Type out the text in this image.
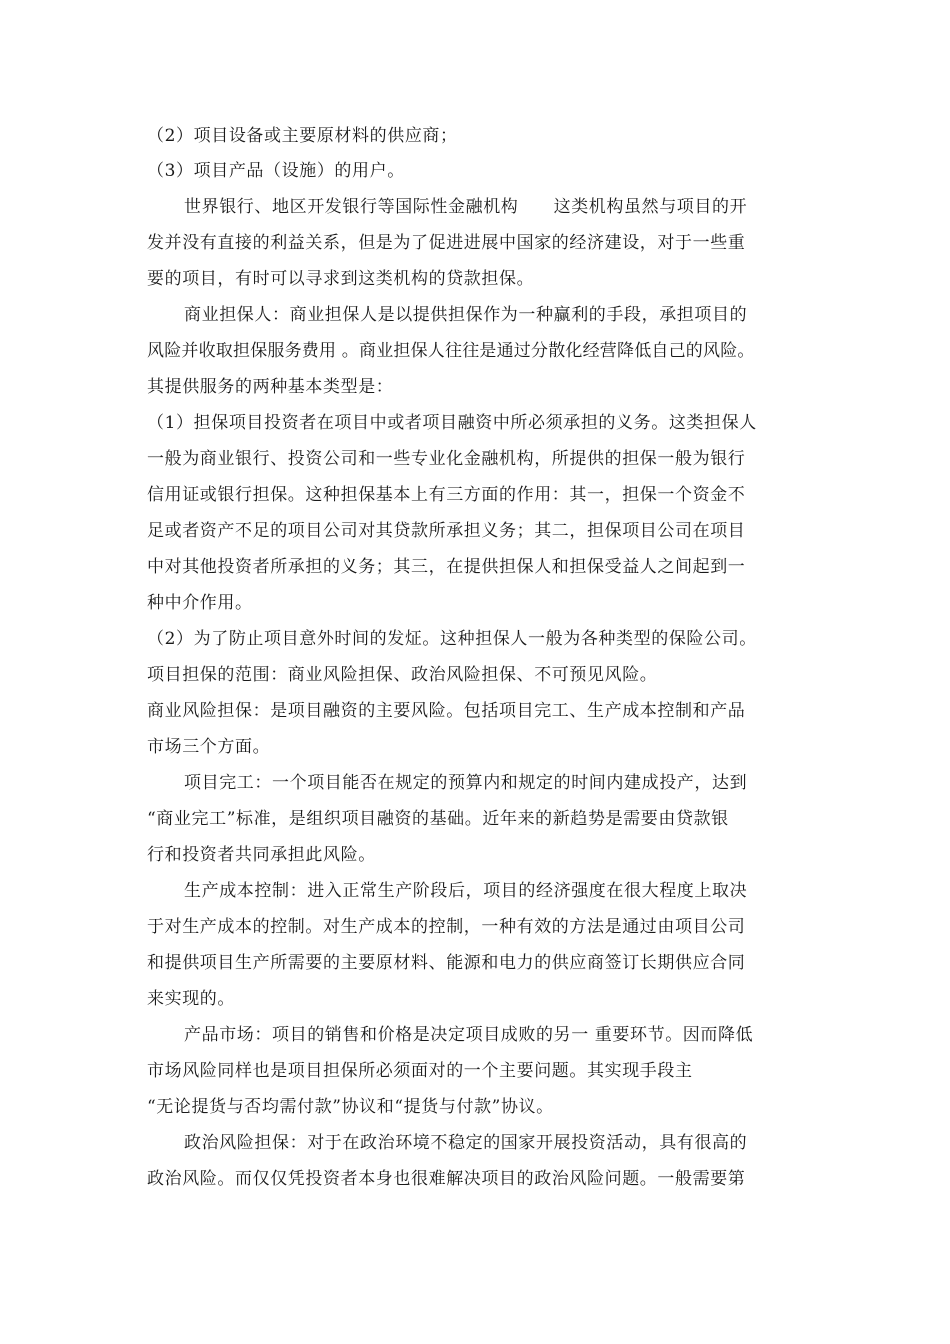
（2）项目设备或主要原材料的供应商；
（3）项目产品（设施）的用户。
世界银行、地区开发银行等国际性金融机构　　这类机构虽然与项目的开
发并没有直接的利益关系，但是为了促进进展中国家的经济建设，对于一些重
要的项目，有时可以寻求到这类机构的贷款担保。
商业担保人：商业担保人是以提供担保作为一种赢利的手段，承担项目的
风险并收取担保服务费用 。商业担保人往往是通过分散化经营降低自己的风险。
其提供服务的两种基本类型是：
（1）担保项目投资者在项目中或者项目融资中所必须承担的义务。这类担保人
一般为商业银行、投资公司和一些专业化金融机构，所提供的担保一般为银行
信用证或银行担保。这种担保基本上有三方面的作用：其一，担保一个资金不
足或者资产不足的项目公司对其贷款所承担义务；其二，担保项目公司在项目
中对其他投资者所承担的义务；其三，在提供担保人和担保受益人之间起到一
种中介作用。
（2）为了防止项目意外时间的发炡。这种担保人一般为各种类型的保险公司。
项目担保的范围：商业风险担保、政治风险担保、不可预见风险。
商业风险担保：是项目融资的主要风险。包括项目完工、生产成本控制和产品
市场三个方面。
项目完工：一个项目能否在规定的预算内和规定的时间内建成投产，达到
“商业完工”标准，是组织项目融资的基础。近年来的新趋势是需要由贷款银
行和投资者共同承担此风险。
生产成本控制：进入正常生产阶段后，项目的经济强度在很大程度上取决
于对生产成本的控制。对生产成本的控制，一种有效的方法是通过由项目公司
和提供项目生产所需要的主要原材料、能源和电力的供应商签订长期供应合同
来实现的。
产品市场：项目的销售和价格是决定项目成败的另一 重要环节。因而降低
市场风险同样也是项目担保所必须面对的一个主要问题。其实现手段主
“无论提货与否均需付款”协议和“提货与付款”协议。
政治风险担保：对于在政治环境不稳定的国家开展投资活动，具有很高的
政治风险。而仅仅凭投资者本身也很难解决项目的政治风险问题。一般需要第
